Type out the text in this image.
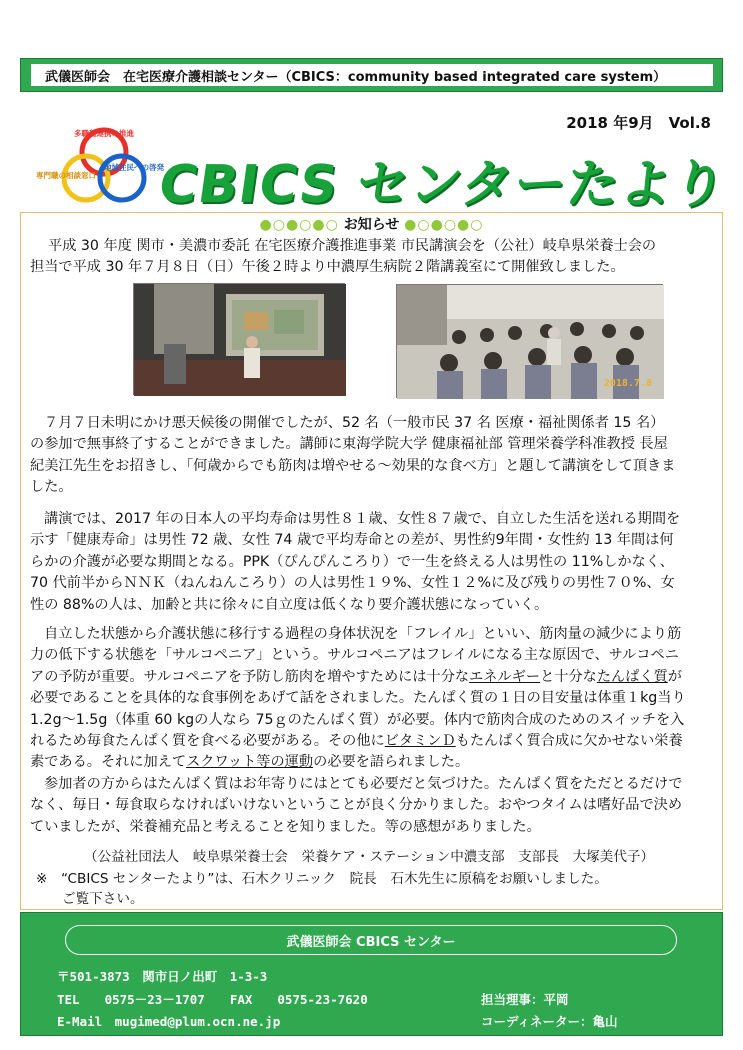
武儀医師会　在宅医療介護相談センター（CBICS：community based integrated care system）
2018 年9月　Vol.8
多職種連携の推進
専門職の相談窓口
地域住民への啓発
CBICS センターたより
●○●○●○ お知らせ ●○●○●○

平成 30 年度 関市・美濃市委託 在宅医療介護推進事業 市民講演会を（公社）岐阜県栄養士会の

担当で平成 30 年７月８日（日）午後２時より中濃厚生病院２階講義室にて開催致しました。

2018.7.8

７月７日未明にかけ悪天候後の開催でしたが、52 名（一般市民 37 名 医療・福祉関係者 15 名）

の参加で無事終了することができました。講師に東海学院大学 健康福祉部 管理栄養学科准教授 長屋

紀美江先生をお招きし、「何歳からでも筋肉は増やせる～効果的な食べ方」と題して講演をして頂きま

した。

講演では、2017 年の日本人の平均寿命は男性８１歳、女性８７歳で、自立した生活を送れる期間を

示す「健康寿命」は男性 72 歳、女性 74 歳で平均寿命との差が、男性約9年間・女性約 13 年間は何

らかの介護が必要な期間となる。PPK（ぴんぴんころり）で一生を終える人は男性の 11%しかなく、

70 代前半からＮＮＫ（ねんねんころり）の人は男性１９%、女性１２%に及び残りの男性７０%、女

性の 88%の人は、加齢と共に徐々に自立度は低くなり要介護状態になっていく。

自立した状態から介護状態に移行する過程の身体状況を「フレイル」といい、筋肉量の減少により筋

力の低下する状態を「サルコペニア」という。サルコペニアはフレイルになる主な原因で、サルコペニ

アの予防が重要。サルコペニアを予防し筋肉を増やすためには十分なエネルギーと十分なたんぱく質が

必要であることを具体的な食事例をあげて話をされました。たんぱく質の１日の目安量は体重１kg当り

1.2g～1.5g（体重 60 kgの人なら 75ｇのたんぱく質）が必要。体内で筋肉合成のためのスイッチを入

れるため毎食たんぱく質を食べる必要がある。その他にビタミンＤもたんぱく質合成に欠かせない栄養

素である。それに加えてスクワット等の運動の必要を語られました。

参加者の方からはたんぱく質はお年寄りにはとても必要だと気づけた。たんぱく質をただとるだけで

なく、毎日・毎食取らなければいけないということが良く分かりました。おやつタイムは嗜好品で決め

ていましたが、栄養補充品と考えることを知りました。等の感想がありました。

（公益社団法人　岐阜県栄養士会　栄養ケア・ステーション中濃支部　支部長　大塚美代子）
※　“CBICS センターたより”は、石木クリニック　院長　石木先生に原稿をお願いしました。
ご覧下さい。
武儀医師会 CBICS センター
〒501-3873　関市日ノ出町　1-3-3
TEL　　0575－23－1707　　FAX　　0575-23-7620
E-Mail　mugimed@plum.ocn.ne.jp
担当理事：平岡
コーディネーター：亀山
